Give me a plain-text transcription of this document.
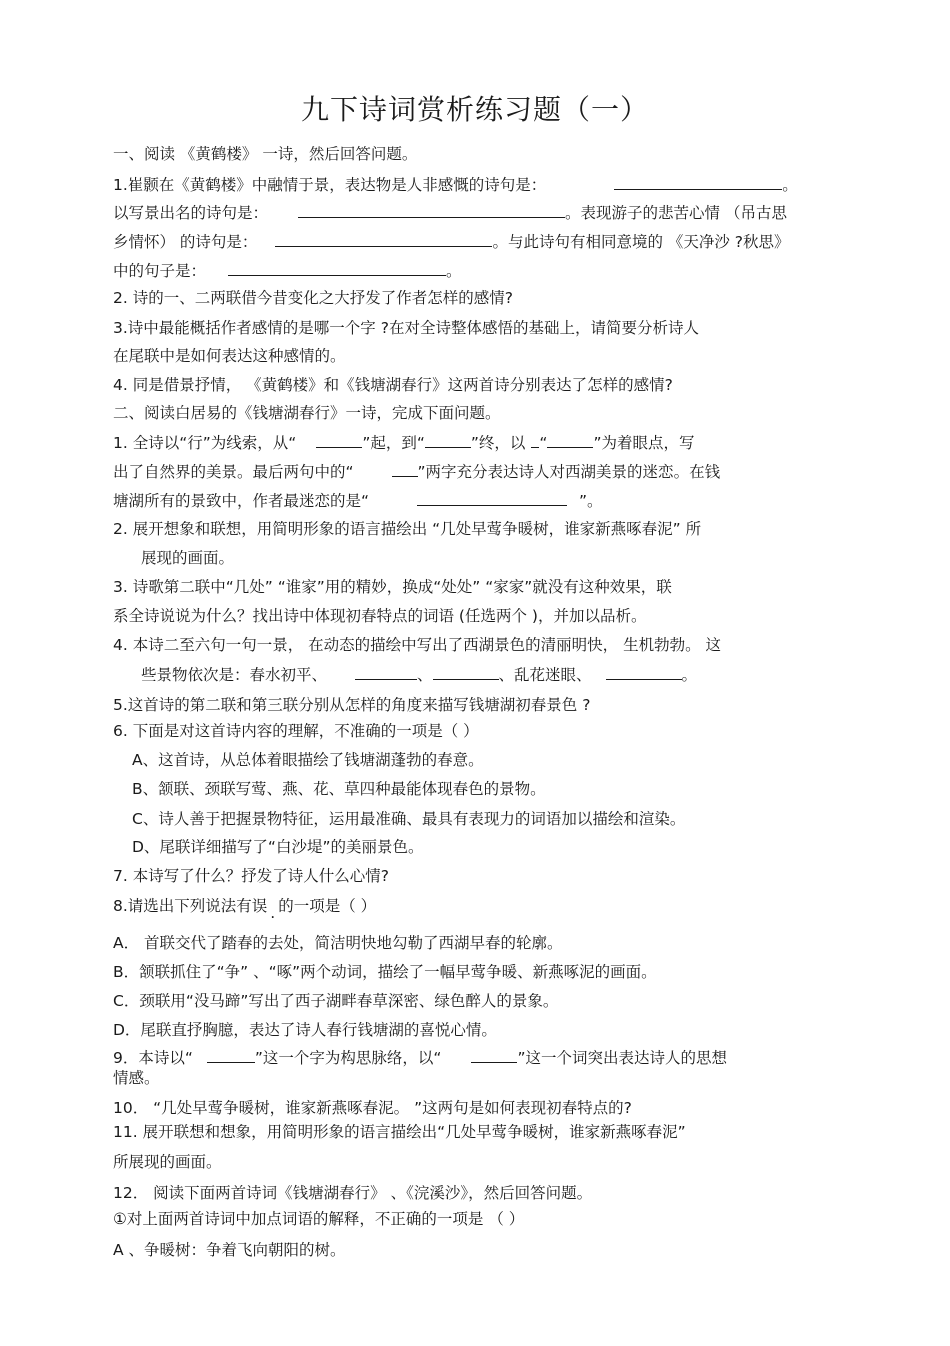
九下诗词赏析练习题（一）
一、阅读 《黄鹤楼》 一诗，然后回答问题。
1.崔颢在《黄鹤楼》中融情于景，表达物是人非感慨的诗句是：	。
以写景出名的诗句是：	。表现游子的悲苦心情 （吊古思
乡情怀） 的诗句是：	。与此诗句有相同意境的 《天净沙 ?秋思》
中的句子是：	。
2. 诗的一、二两联借今昔变化之大抒发了作者怎样的感情?
3.诗中最能概括作者感情的是哪一个字 ?在对全诗整体感悟的基础上，请简要分析诗人
在尾联中是如何表达这种感情的。
4. 同是借景抒情， 《黄鹤楼》和《钱塘湖春行》这两首诗分别表达了怎样的感情?
二、阅读白居易的《钱塘湖春行》一诗，完成下面问题。
1. 全诗以“行”为线索，从“	”起，到“	”终，以 “	”为着眼点，写
出了自然界的美景。最后两句中的“	”两字充分表达诗人对西湖美景的迷恋。在钱
塘湖所有的景致中，作者最迷恋的是“	”。
2. 展开想象和联想，用简明形象的语言描绘出 “几处早莺争暖树，谁家新燕啄春泥” 所
展现的画面。
3. 诗歌第二联中“几处” “谁家”用的精妙，换成“处处” “家家”就没有这种效果，联
系全诗说说为什么？找出诗中体现初春特点的词语 (任选两个 )，并加以品析。
4. 本诗二至六句一句一景， 在动态的描绘中写出了西湖景色的清丽明快， 生机勃勃。 这
些景物依次是：春水初平、	、	、乱花迷眼、	。
5.这首诗的第二联和第三联分别从怎样的角度来描写钱塘湖初春景色 ?
6. 下面是对这首诗内容的理解，不准确的一项是（ ）
A、这首诗，从总体着眼描绘了钱塘湖蓬勃的春意。
B、颔联、颈联写莺、燕、花、草四种最能体现春色的景物。
C、诗人善于把握景物特征，运用最准确、最具有表现力的词语加以描绘和渲染。
D、尾联详细描写了“白沙堤”的美丽景色。
7. 本诗写了什么？抒发了诗人什么心情?
8.请选出下列说法有误 . 的一项是（ ）
A． 首联交代了踏春的去处，简洁明快地勾勒了西湖早春的轮廓。
B．颔联抓住了“争” 、“啄”两个动词，描绘了一幅早莺争暖、新燕啄泥的画面。
C．颈联用“没马蹄”写出了西子湖畔春草深密、绿色醉人的景象。
D．尾联直抒胸臆，表达了诗人春行钱塘湖的喜悦心情。
9．本诗以“	”这一个字为构思脉络，以“	”这一个词突出表达诗人的思想
情感。
10． “几处早莺争暖树，谁家新燕啄春泥。 ”这两句是如何表现初春特点的?
11. 展开联想和想象，用简明形象的语言描绘出“几处早莺争暖树，谁家新燕啄春泥”
所展现的画面。
12． 阅读下面两首诗词《钱塘湖春行》 、《浣溪沙》，然后回答问题。
①对上面两首诗词中加点词语的解释，不正确的一项是 （ ）
A 、争暖树：争着飞向朝阳的树。
